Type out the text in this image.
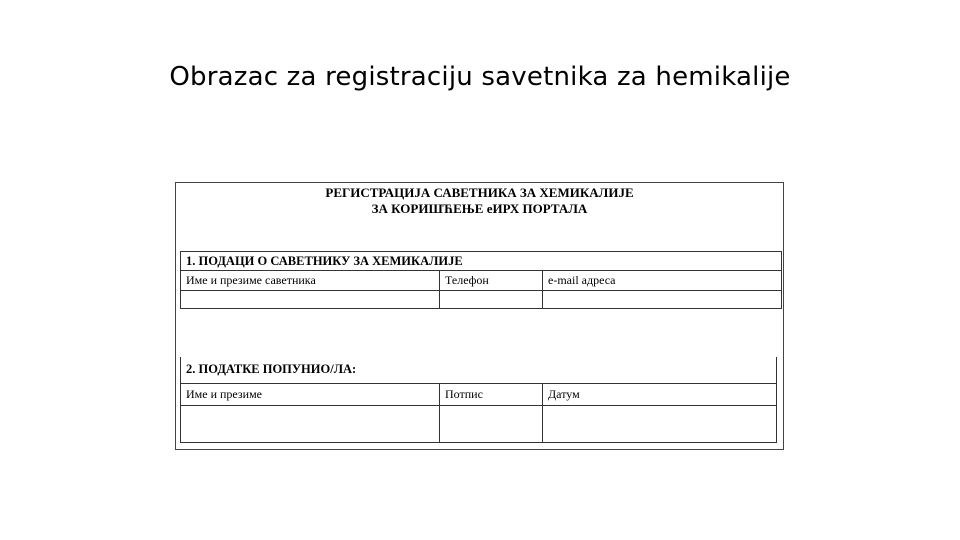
Obrazac za registraciju savetnika za hemikalije
РЕГИСТРАЦИЈА САВЕТНИКА ЗА ХЕМИКАЛИЈЕ
ЗА КОРИШЋЕЊЕ еИРХ ПОРТАЛА
1. ПОДАЦИ О САВЕТНИКУ ЗА ХЕМИКАЛИЈЕ		
Име и презиме саветника	Телефон	e-mail адреса

2. ПОДАТКЕ ПОПУНИО/ЛА:		
Име и презиме	Потпис	Датум
